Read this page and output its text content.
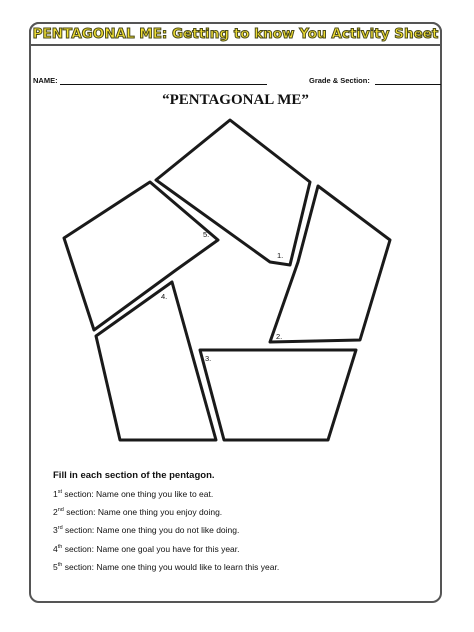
PENTAGONAL ME: Getting to know You Activity Sheet
NAME:	Grade & Section:
“PENTAGONAL ME”
1.
2.
3.
4.
5.
Fill in each section of the pentagon.
1st section: Name one thing you like to eat.
2nd section: Name one thing you enjoy doing.
3rd section: Name one thing you do not like doing.
4th section: Name one goal you have for this year.
5th section: Name one thing you would like to learn this year.
